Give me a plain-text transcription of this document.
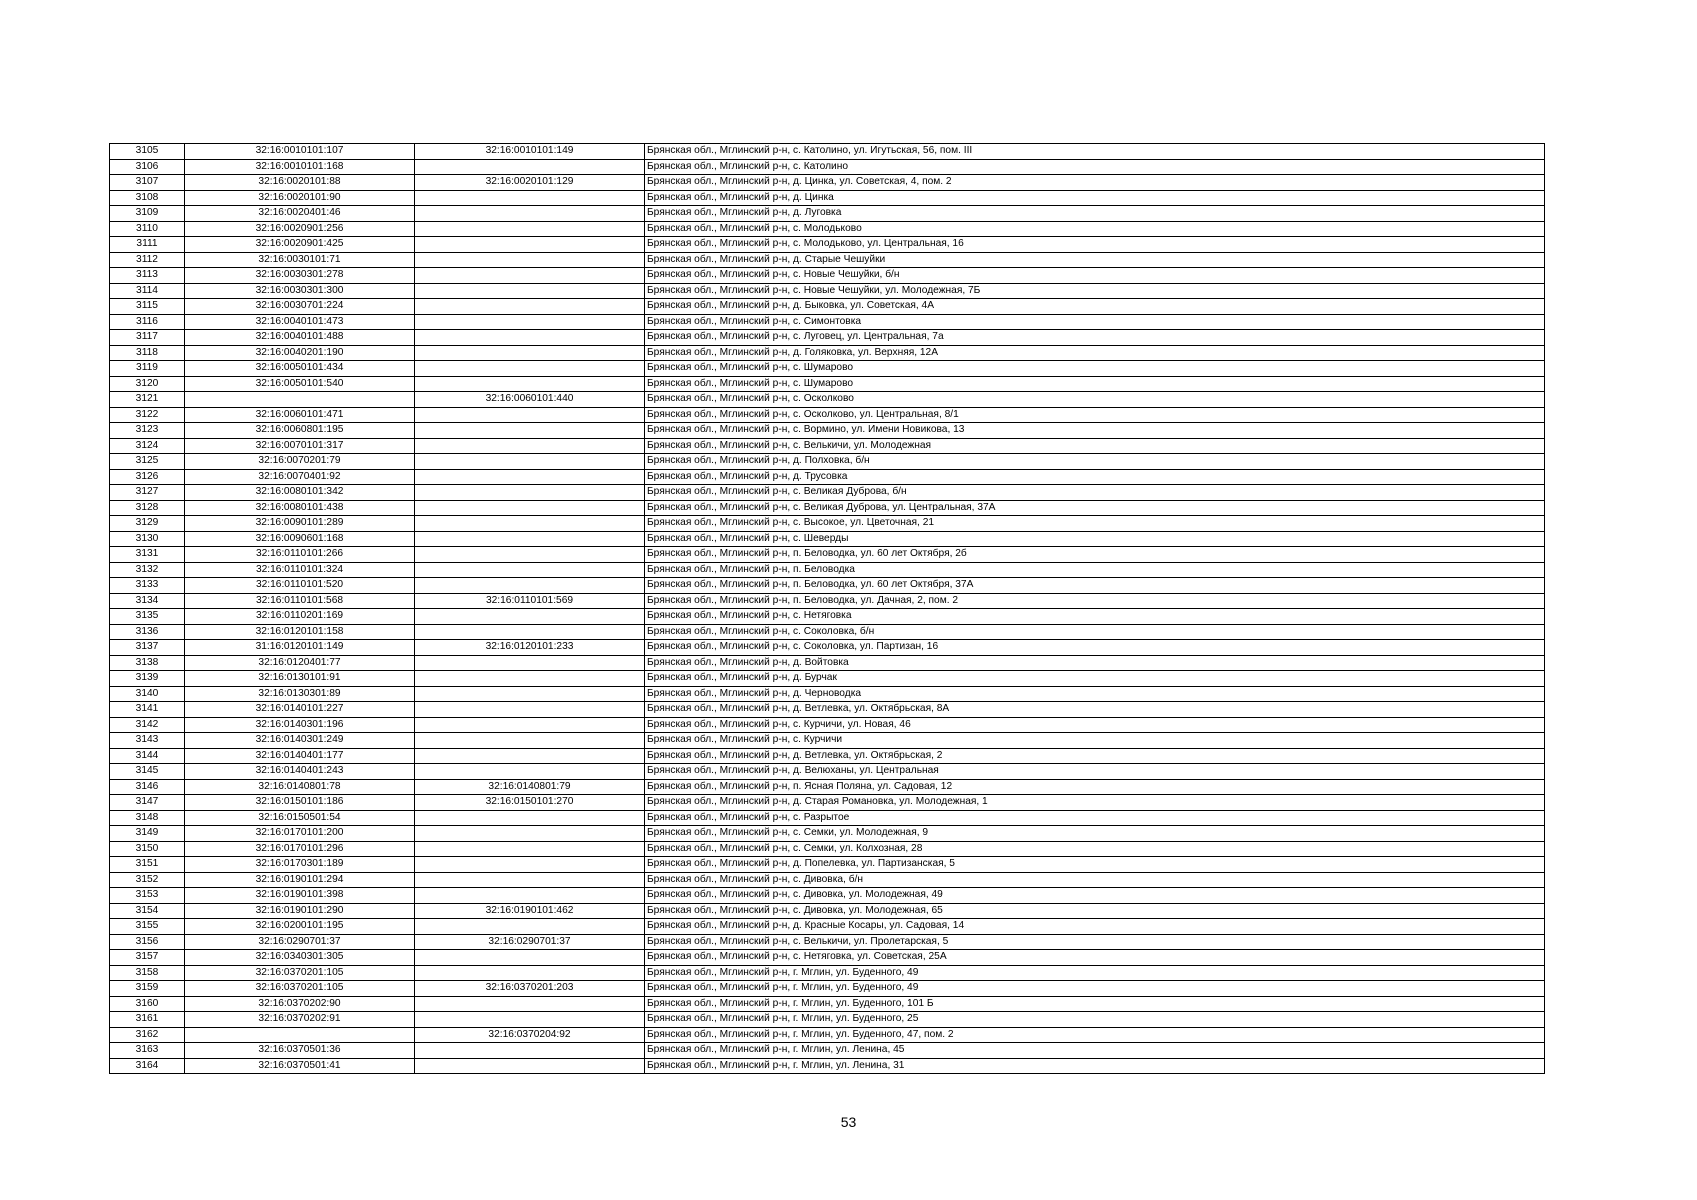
3105	32:16:0010101:107	32:16:0010101:149	Брянская обл., Мглинский р-н, с. Католино, ул. Игутьская, 56, пом. III
3106	32:16:0010101:168		Брянская обл., Мглинский р-н, с. Католино
3107	32:16:0020101:88	32:16:0020101:129	Брянская обл., Мглинский р-н, д. Цинка, ул. Советская, 4, пом. 2
3108	32:16:0020101:90		Брянская обл., Мглинский р-н, д. Цинка
3109	32:16:0020401:46		Брянская обл., Мглинский р-н, д. Луговка
3110	32:16:0020901:256		Брянская обл., Мглинский р-н, с. Молодьково
3111	32:16:0020901:425		Брянская обл., Мглинский р-н, с. Молодьково, ул. Центральная, 16
3112	32:16:0030101:71		Брянская обл., Мглинский р-н, д. Старые Чешуйки
3113	32:16:0030301:278		Брянская обл., Мглинский р-н, с. Новые Чешуйки, б/н
3114	32:16:0030301:300		Брянская обл., Мглинский р-н, с. Новые Чешуйки, ул. Молодежная, 7Б
3115	32:16:0030701:224		Брянская обл., Мглинский р-н, д. Быковка, ул. Советская, 4А
3116	32:16:0040101:473		Брянская обл., Мглинский р-н, с. Симонтовка
3117	32:16:0040101:488		Брянская обл., Мглинский р-н, с. Луговец, ул. Центральная, 7а
3118	32:16:0040201:190		Брянская обл., Мглинский р-н, д. Голяковка, ул. Верхняя, 12А
3119	32:16:0050101:434		Брянская обл., Мглинский р-н, с. Шумарово
3120	32:16:0050101:540		Брянская обл., Мглинский р-н, с. Шумарово
3121		32:16:0060101:440	Брянская обл., Мглинский р-н, с. Осколково
3122	32:16:0060101:471		Брянская обл., Мглинский р-н, с. Осколково, ул. Центральная, 8/1
3123	32:16:0060801:195		Брянская обл., Мглинский р-н, с. Вормино, ул. Имени Новикова, 13
3124	32:16:0070101:317		Брянская обл., Мглинский р-н, с. Велькичи, ул. Молодежная
3125	32:16:0070201:79		Брянская обл., Мглинский р-н, д. Полховка, б/н
3126	32:16:0070401:92		Брянская обл., Мглинский р-н, д. Трусовка
3127	32:16:0080101:342		Брянская обл., Мглинский р-н, с. Великая Дуброва, б/н
3128	32:16:0080101:438		Брянская обл., Мглинский р-н, с. Великая Дуброва, ул. Центральная, 37А
3129	32:16:0090101:289		Брянская обл., Мглинский р-н, с. Высокое, ул. Цветочная, 21
3130	32:16:0090601:168		Брянская обл., Мглинский р-н, с. Шеверды
3131	32:16:0110101:266		Брянская обл., Мглинский р-н, п. Беловодка, ул. 60 лет Октября, 2б
3132	32:16:0110101:324		Брянская обл., Мглинский р-н, п. Беловодка
3133	32:16:0110101:520		Брянская обл., Мглинский р-н, п. Беловодка, ул. 60 лет Октября, 37А
3134	32:16:0110101:568	32:16:0110101:569	Брянская обл., Мглинский р-н, п. Беловодка, ул. Дачная, 2, пом. 2
3135	32:16:0110201:169		Брянская обл., Мглинский р-н, с. Нетяговка
3136	32:16:0120101:158		Брянская обл., Мглинский р-н, с. Соколовка, б/н
3137	31:16:0120101:149	32:16:0120101:233	Брянская обл., Мглинский р-н, с. Соколовка, ул. Партизан, 16
3138	32:16:0120401:77		Брянская обл., Мглинский р-н, д. Войтовка
3139	32:16:0130101:91		Брянская обл., Мглинский р-н, д. Бурчак
3140	32:16:0130301:89		Брянская обл., Мглинский р-н, д. Черноводка
3141	32:16:0140101:227		Брянская обл., Мглинский р-н, д. Ветлевка, ул. Октябрьская, 8А
3142	32:16:0140301:196		Брянская обл., Мглинский р-н, с. Курчичи, ул. Новая, 46
3143	32:16:0140301:249		Брянская обл., Мглинский р-н, с. Курчичи
3144	32:16:0140401:177		Брянская обл., Мглинский р-н, д. Ветлевка, ул. Октябрьская, 2
3145	32:16:0140401:243		Брянская обл., Мглинский р-н, д. Велюханы, ул. Центральная
3146	32:16:0140801:78	32:16:0140801:79	Брянская обл., Мглинский р-н, п. Ясная Поляна, ул. Садовая, 12
3147	32:16:0150101:186	32:16:0150101:270	Брянская обл., Мглинский р-н, д. Старая Романовка, ул. Молодежная, 1
3148	32:16:0150501:54		Брянская обл., Мглинский р-н, с. Разрытое
3149	32:16:0170101:200		Брянская обл., Мглинский р-н, с. Семки, ул. Молодежная, 9
3150	32:16:0170101:296		Брянская обл., Мглинский р-н, с. Семки, ул. Колхозная, 28
3151	32:16:0170301:189		Брянская обл., Мглинский р-н, д. Попелевка, ул. Партизанская, 5
3152	32:16:0190101:294		Брянская обл., Мглинский р-н, с. Дивовка, б/н
3153	32:16:0190101:398		Брянская обл., Мглинский р-н, с. Дивовка, ул. Молодежная, 49
3154	32:16:0190101:290	32:16:0190101:462	Брянская обл., Мглинский р-н, с. Дивовка, ул. Молодежная, 65
3155	32:16:0200101:195		Брянская обл., Мглинский р-н, д. Красные Косары, ул. Садовая, 14
3156	32:16:0290701:37	32:16:0290701:37	Брянская обл., Мглинский р-н, с. Велькичи, ул. Пролетарская, 5
3157	32:16:0340301:305		Брянская обл., Мглинский р-н, с. Нетяговка, ул. Советская, 25А
3158	32:16:0370201:105		Брянская обл., Мглинский р-н, г. Мглин, ул. Буденного, 49
3159	32:16:0370201:105	32:16:0370201:203	Брянская обл., Мглинский р-н, г. Мглин, ул. Буденного, 49
3160	32:16:0370202:90		Брянская обл., Мглинский р-н, г. Мглин, ул. Буденного, 101 Б
3161	32:16:0370202:91		Брянская обл., Мглинский р-н, г. Мглин, ул. Буденного, 25
3162		32:16:0370204:92	Брянская обл., Мглинский р-н, г. Мглин, ул. Буденного, 47, пом. 2
3163	32:16:0370501:36		Брянская обл., Мглинский р-н, г. Мглин, ул. Ленина, 45
3164	32:16:0370501:41		Брянская обл., Мглинский р-н, г. Мглин, ул. Ленина, 31
53
